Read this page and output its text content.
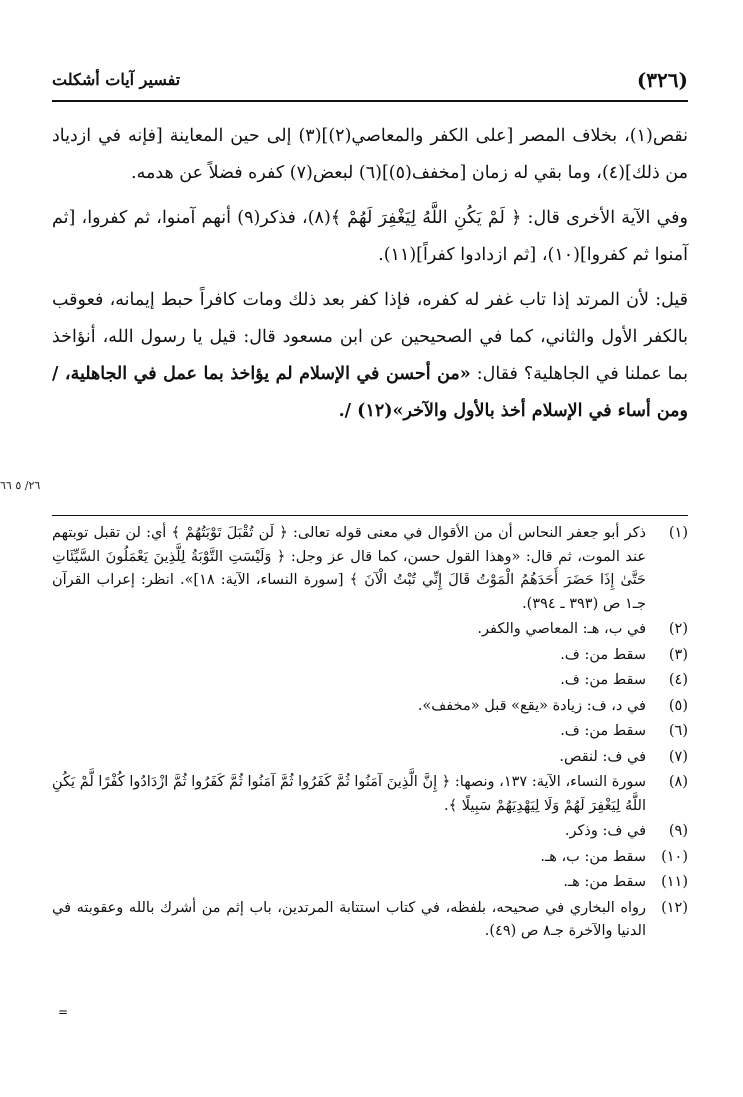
(٣٢٦)
تفسير آيات أشكلت

نقص(١)، بخلاف المصر [على الكفر والمعاصي(٢)](٣) إلى حين المعاينة [فإنه في ازدياد من ذلك](٤)، وما بقي له زمان [مخفف(٥)](٦) لبعض(٧) كفره فضلاً عن هدمه.

وفي الآية الأخرى قال: ﴿ لَمْ يَكُنِ اللَّهُ لِيَغْفِرَ لَهُمْ ﴾(٨)، فذكر(٩) أنهم آمنوا، ثم كفروا، [ثم آمنوا ثم كفروا](١٠)، [ثم ازدادوا كفراً](١١).

قيل: لأن المرتد إذا تاب غفر له كفره، فإذا كفر بعد ذلك ومات كافراً حبط إيمانه، فعوقب بالكفر الأول والثاني، كما في الصحيحين عن ابن مسعود قال: قيل يا رسول الله، أنؤاخذ بما عملنا في الجاهلية؟ فقال: «من أحسن في الإسلام لم يؤاخذ بما عمل في الجاهلية، / ومن أساء في الإسلام أخذ بالأول والآخر»(١٢) /.

٢٦/ ٥ ٦٦
(١)
ذكر أبو جعفر النحاس أن من الأقوال في معنى قوله تعالى: ﴿ لَن تُقْبَلَ تَوْبَتُهُمْ ﴾ أي: لن تقبل توبتهم عند الموت، ثم قال: «وهذا القول حسن، كما قال عز وجل: ﴿ وَلَيْسَتِ التَّوْبَةُ لِلَّذِينَ يَعْمَلُونَ السَّيِّئَاتِ حَتَّىٰ إِذَا حَضَرَ أَحَدَهُمُ الْمَوْتُ قَالَ إِنِّي تُبْتُ الْآنَ ﴾ [سورة النساء، الآية: ١٨]». انظر: إعراب القرآن جـ١ ص (٣٩٣ ـ ٣٩٤).
(٢)
في ب، هـ: المعاصي والكفر.
(٣)
سقط من: ف.
(٤)
سقط من: ف.
(٥)
في د، ف: زيادة «يقع» قبل «مخفف».
(٦)
سقط من: ف.
(٧)
في ف: لنقص.
(٨)
سورة النساء، الآية: ١٣٧، ونصها: ﴿ إِنَّ الَّذِينَ آمَنُوا ثُمَّ كَفَرُوا ثُمَّ آمَنُوا ثُمَّ كَفَرُوا ثُمَّ ازْدَادُوا كُفْرًا لَّمْ يَكُنِ اللَّهُ لِيَغْفِرَ لَهُمْ وَلَا لِيَهْدِيَهُمْ سَبِيلًا ﴾.
(٩)
في ف: وذكر.
(١٠)
سقط من: ب، هـ.
(١١)
سقط من: هـ.
(١٢)
رواه البخاري في صحيحه، بلفظه، في كتاب استتابة المرتدين، باب إثم من أشرك بالله وعقوبته في الدنيا والآخرة جـ٨ ص (٤٩).
=
